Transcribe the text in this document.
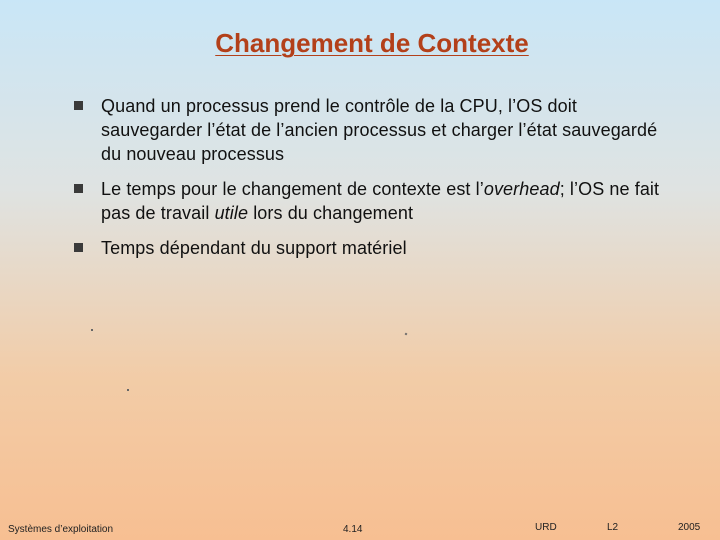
Changement de Contexte
Quand un processus prend le contrôle de la CPU, l’OS doit sauvegarder l’état de l’ancien processus et charger l’état sauvegardé du nouveau processus
Le temps pour le changement de contexte est l’overhead; l’OS ne fait pas de travail utile lors du changement
Temps dépendant du support matériel
Systèmes d’exploitation	4.14	URD	L2	2005
